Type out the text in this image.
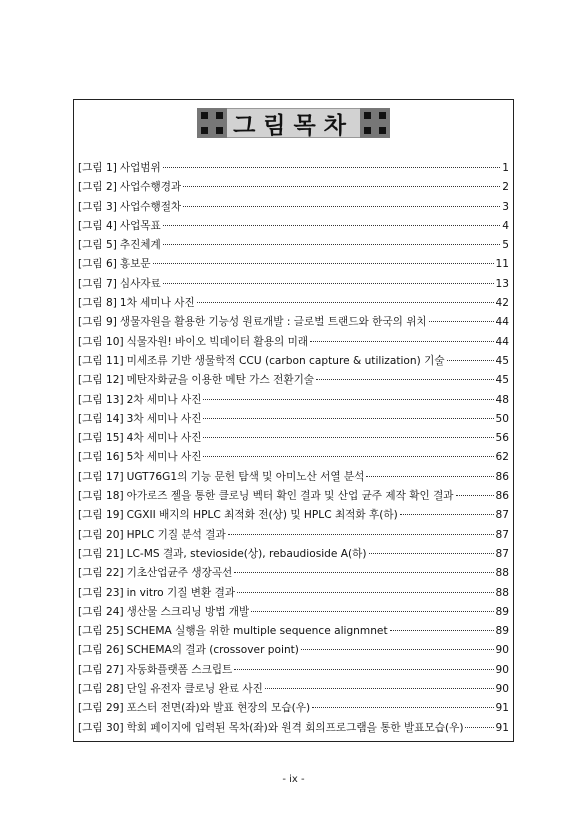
그림목차
[그림 1] 사업범위	1
[그림 2] 사업수행경과	2
[그림 3] 사업수행절차	3
[그림 4] 사업목표	4
[그림 5] 추진체계	5
[그림 6] 홍보문	11
[그림 7] 심사자료	13
[그림 8] 1차 세미나 사진	42
[그림 9] 생물자원을 활용한 기능성 원료개발 : 글로벌 트랜드와 한국의 위치	44
[그림 10] 식물자원! 바이오 빅데이터 활용의 미래	44
[그림 11] 미세조류 기반 생물학적 CCU (carbon capture & utilization) 기술	45
[그림 12] 메탄자화균을 이용한 메탄 가스 전환기술	45
[그림 13] 2차 세미나 사진	48
[그림 14] 3차 세미나 사진	50
[그림 15] 4차 세미나 사진	56
[그림 16] 5차 세미나 사진	62
[그림 17] UGT76G1의 기능 문헌 탐색 및 아미노산 서열 분석	86
[그림 18] 아가로즈 젤을 통한 클로닝 벡터 확인 결과 및 산업 균주 제작 확인 결과	86
[그림 19] CGXII 배지의 HPLC 최적화 전(상) 및 HPLC 최적화 후(하)	87
[그림 20] HPLC 기질 분석 결과	87
[그림 21] LC-MS 결과, stevioside(상), rebaudioside A(하)	87
[그림 22] 기초산업균주 생장곡선	88
[그림 23] in vitro 기질 변환 결과	88
[그림 24] 생산물 스크리닝 방법 개발	89
[그림 25] SCHEMA 실행을 위한 multiple sequence alignmnet	89
[그림 26] SCHEMA의 결과 (crossover point)	90
[그림 27] 자동화플랫폼 스크립트	90
[그림 28] 단일 유전자 클로닝 완료 사진	90
[그림 29] 포스터 전면(좌)와 발표 현장의 모습(우)	91
[그림 30] 학회 페이지에 입력된 목차(좌)와 원격 회의프로그램을 통한 발표모습(우)	91
- ix -
